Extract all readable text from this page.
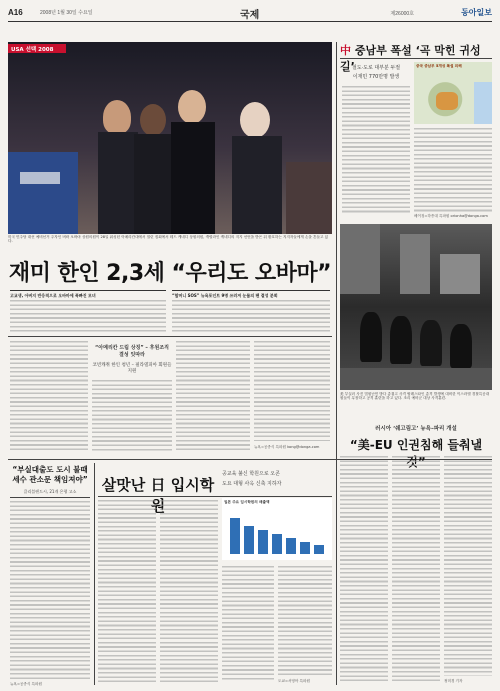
A16	2008년 1월 30일 수요일	국제	제26000호	동아일보
USA 선택 2008
미국 민주당 대선 예비선거 주자인 버락 오바마 상원의원이 28일 워싱턴 아메리칸대에서 열린 집회에서 테드 케네디 상원의원, 캐럴라인 케네디의 지지 선언을 받은 뒤 환호하는 지지자들에게 손을 흔들고 있다.
재미 한인 2,3세 “우리도 오바마”
고교생, 아버지 반응적으로 오바마에 푹빠진 모녀	“할머니 SOS” 뉴욕포인트 9명 쓰러져 눈물의 팬 결성 분회
“아메리칸 드림 상징” – 후원조직 결성 잇따라
코빈캐쥐 한인 청년 – 필라델피아 회원들 지원
뉴욕=공종식 특파원 kong@donga.com
中 중남부 폭설 ‘곡 막힌 귀성길’
철도·도로 대부분 두절
이재민 770만명 발생
중국 중남부 5개성 폭설 피해
베이징=하종대 특파원 orionha@donga.com
美 부실러 사진 법원난민 방다 총겹고 사격 팔레스타인 총격 발생에 대비한 이스라엘 경찰특공대원들이 무장하고 공격 훈련을 하고 있다. 조리 예비군 대상 사격훈련.
러시아 ‘쉐고림고’ 뉴욕–파리 개설
“美-EU 인권침해 들춰낼 것”
“부실대출도 도시 불때 세수 관소문 책임져야”
클리블랜드시, 21개 은행 고소
뉴욕=공종식 특파원
살맛난 日 입시학원
공교육 불신 학원으로 오콘
도요 대형 사옥 신축 지하자
일본 주요 입시학원의 매출액
도쿄=서영아 특파원	정미경 기자
